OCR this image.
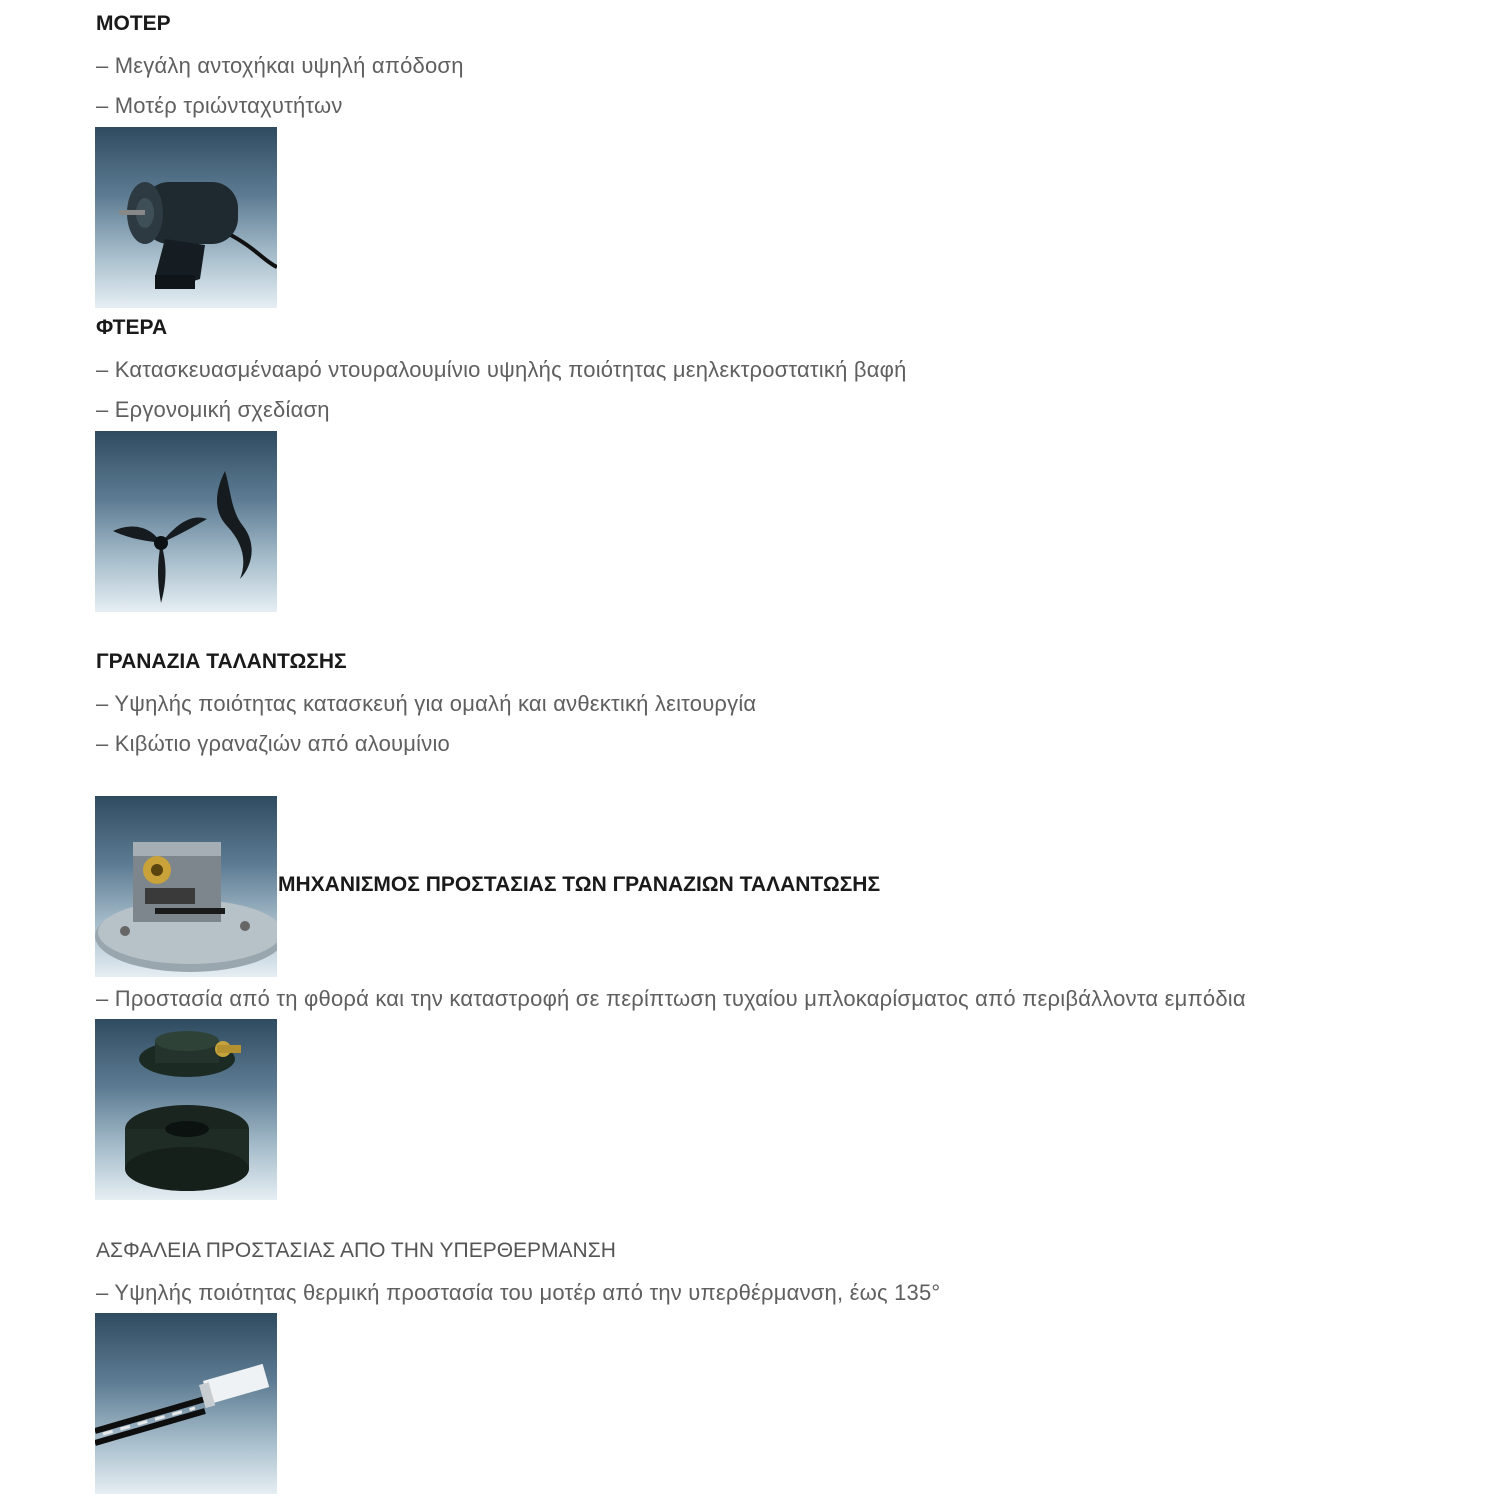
ΜΟΤΕΡ
– Μεγάλη αντοχήκαι υψηλή απόδοση
– Μοτέρ τριώνταχυτήτων
ΦΤΕΡΑ
– Κατασκευασμέναapό ντουραλουμίνιο υψηλής ποιότητας μεηλεκτροστατική βαφή
– Εργονομική σχεδίαση
ΓΡΑΝΑΖΙΑ ΤΑΛΑΝΤΩΣΗΣ
– Υψηλής ποιότητας κατασκευή για ομαλή και ανθεκτική λειτουργία
– Κιβώτιο γραναζιών από αλουμίνιο
ΜΗΧΑΝΙΣΜΟΣ ΠΡΟΣΤΑΣΙΑΣ ΤΩΝ ΓΡΑΝΑΖΙΩΝ ΤΑΛΑΝΤΩΣΗΣ
– Προστασία από τη φθορά και την καταστροφή σε περίπτωση τυχαίου μπλοκαρίσματος από περιβάλλοντα εμπόδια
ΑΣΦΑΛΕΙΑ ΠΡΟΣΤΑΣΙΑΣ ΑΠΟ ΤΗΝ ΥΠΕΡΘΕΡΜΑΝΣΗ
– Υψηλής ποιότητας θερμική προστασία του μοτέρ από την υπερθέρμανση, έως 135°
